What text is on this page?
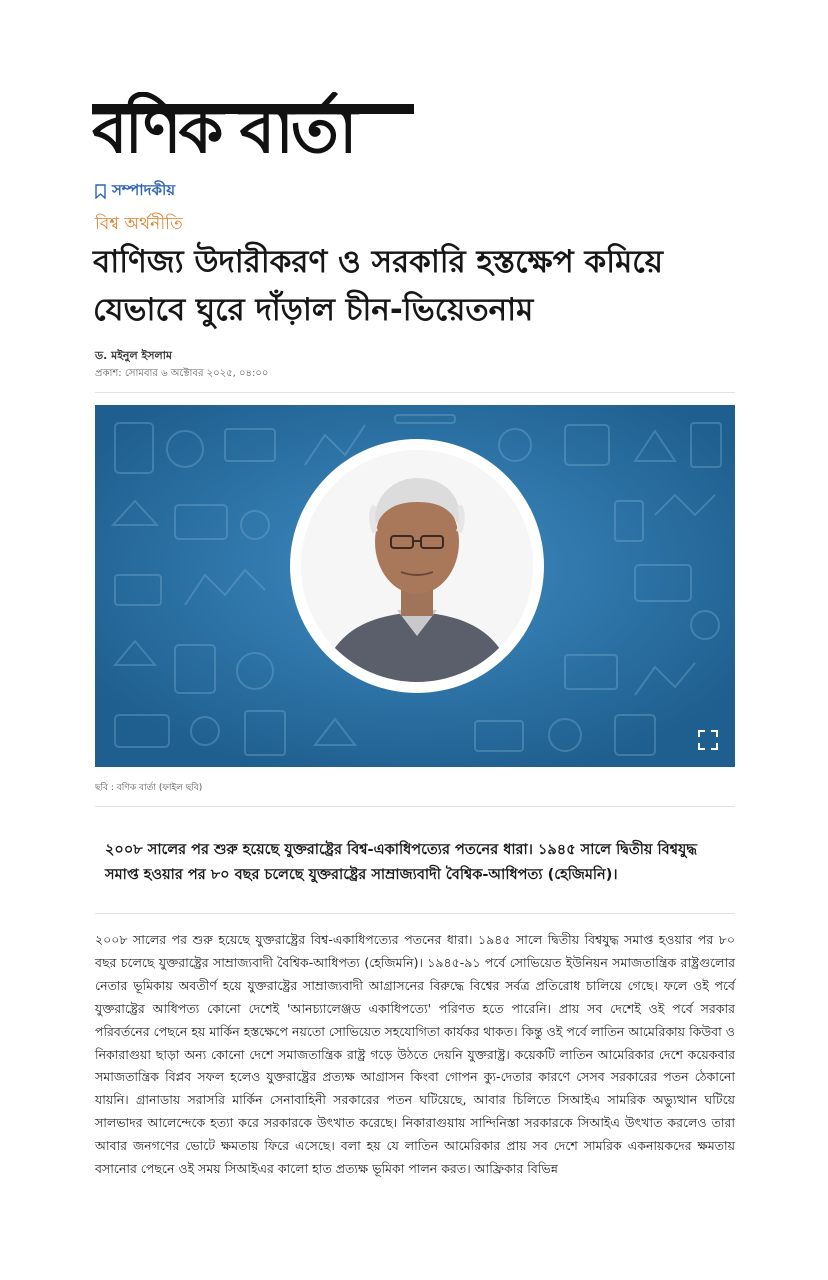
বণিক বার্তা
সম্পাদকীয়
বিশ্ব অর্থনীতি
বাণিজ্য উদারীকরণ ও সরকারি হস্তক্ষেপ কমিয়ে যেভাবে ঘুরে দাঁড়াল চীন-ভিয়েতনাম
ড. মইনুল ইসলাম
প্রকাশ: সোমবার ৬ অক্টোবর ২০২৫, ০৪:০০
ছবি : বণিক বার্তা (ফাইল ছবি)

২০০৮ সালের পর শুরু হয়েছে যুক্তরাষ্ট্রের বিশ্ব-একাধিপত্যের পতনের ধারা। ১৯৪৫ সালে দ্বিতীয় বিশ্বযুদ্ধ সমাপ্ত হওয়ার পর ৮০ বছর চলেছে যুক্তরাষ্ট্রের সাম্রাজ্যবাদী বৈশ্বিক-আধিপত্য (হেজিমনি)।

২০০৮ সালের পর শুরু হয়েছে যুক্তরাষ্ট্রের বিশ্ব-একাধিপত্যের পতনের ধারা। ১৯৪৫ সালে দ্বিতীয় বিশ্বযুদ্ধ সমাপ্ত হওয়ার পর ৮০ বছর চলেছে যুক্তরাষ্ট্রের সাম্রাজ্যবাদী বৈশ্বিক-আধিপত্য (হেজিমনি)। ১৯৪৫-৯১ পর্বে সোভিয়েত ইউনিয়ন সমাজতান্ত্রিক রাষ্ট্রগুলোর নেতার ভূমিকায় অবতীর্ণ হয়ে যুক্তরাষ্ট্রের সাম্রাজ্যবাদী আগ্রাসনের বিরুদ্ধে বিশ্বের সর্বত্র প্রতিরোধ চালিয়ে গেছে। ফলে ওই পর্বে যুক্তরাষ্ট্রের আধিপত্য কোনো দেশেই 'আনচ্যালেঞ্জড একাধিপত্যে' পরিণত হতে পারেনি। প্রায় সব দেশেই ওই পর্বে সরকার পরিবর্তনের পেছনে হয় মার্কিন হস্তক্ষেপে নয়তো সোভিয়েত সহযোগিতা কার্যকর থাকত। কিন্তু ওই পর্বে লাতিন আমেরিকায় কিউবা ও নিকারাগুয়া ছাড়া অন্য কোনো দেশে সমাজতান্ত্রিক রাষ্ট্র গড়ে উঠতে দেয়নি যুক্তরাষ্ট্র। কয়েকটি লাতিন আমেরিকার দেশে কয়েকবার সমাজতান্ত্রিক বিপ্লব সফল হলেও যুক্তরাষ্ট্রের প্রত্যক্ষ আগ্রাসন কিংবা গোপন ক্যু-দেতার কারণে সেসব সরকারের পতন ঠেকানো যায়নি। গ্রানাডায় সরাসরি মার্কিন সেনাবাহিনী সরকারের পতন ঘটিয়েছে, আবার চিলিতে সিআইএ সামরিক অভ্যুত্থান ঘটিয়ে সালভাদর আলেন্দেকে হত্যা করে সরকারকে উৎখাত করেছে। নিকারাগুয়ায় সান্দিনিস্তা সরকারকে সিআইএ উৎখাত করলেও তারা আবার জনগণের ভোটে ক্ষমতায় ফিরে এসেছে। বলা হয় যে লাতিন আমেরিকার প্রায় সব দেশে সামরিক একনায়কদের ক্ষমতায় বসানোর পেছনে ওই সময় সিআইএর কালো হাত প্রত্যক্ষ ভূমিকা পালন করত। আফ্রিকার বিভিন্ন
